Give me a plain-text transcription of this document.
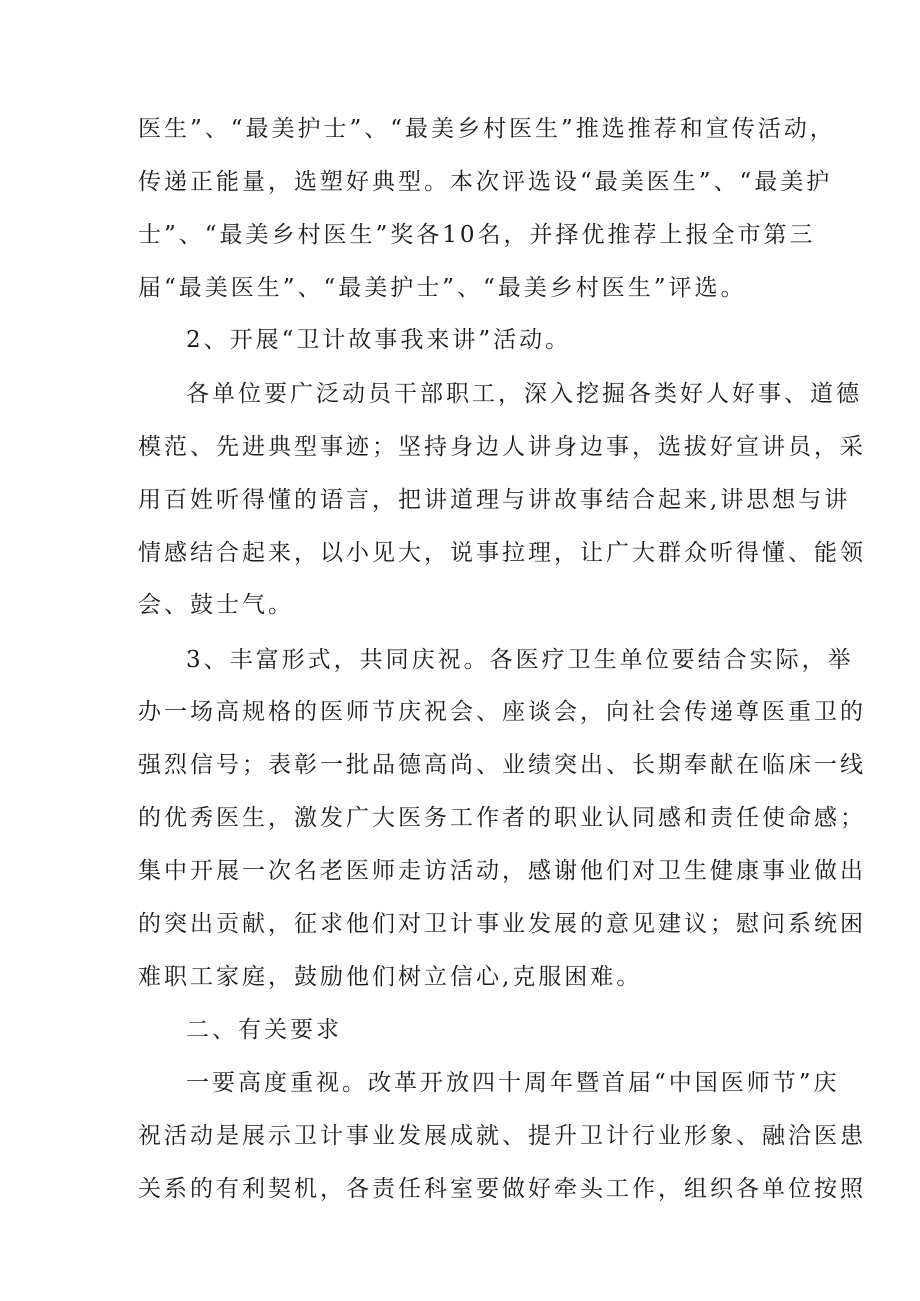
医生”、“最美护士”、“最美乡村医生”推选推荐和宣传活动，
传递正能量，选塑好典型。本次评选设“最美医生”、“最美护
士”、“最美乡村医生”奖各10名，并择优推荐上报全市第三
届“最美医生”、“最美护士”、“最美乡村医生”评选。
2、开展“卫计故事我来讲”活动。
各单位要广泛动员干部职工，深入挖掘各类好人好事、道德
模范、先进典型事迹；坚持身边人讲身边事，选拔好宣讲员，采
用百姓听得懂的语言，把讲道理与讲故事结合起来,讲思想与讲
情感结合起来，以小见大，说事拉理，让广大群众听得懂、能领
会、鼓士气。
3、丰富形式，共同庆祝。各医疗卫生单位要结合实际，举
办一场高规格的医师节庆祝会、座谈会，向社会传递尊医重卫的
强烈信号；表彰一批品德高尚、业绩突出、长期奉献在临床一线
的优秀医生，激发广大医务工作者的职业认同感和责任使命感；
集中开展一次名老医师走访活动，感谢他们对卫生健康事业做出
的突出贡献，征求他们对卫计事业发展的意见建议；慰问系统困
难职工家庭，鼓励他们树立信心,克服困难。
二、有关要求
一要高度重视。改革开放四十周年暨首届“中国医师节”庆
祝活动是展示卫计事业发展成就、提升卫计行业形象、融洽医患
关系的有利契机，各责任科室要做好牵头工作，组织各单位按照
